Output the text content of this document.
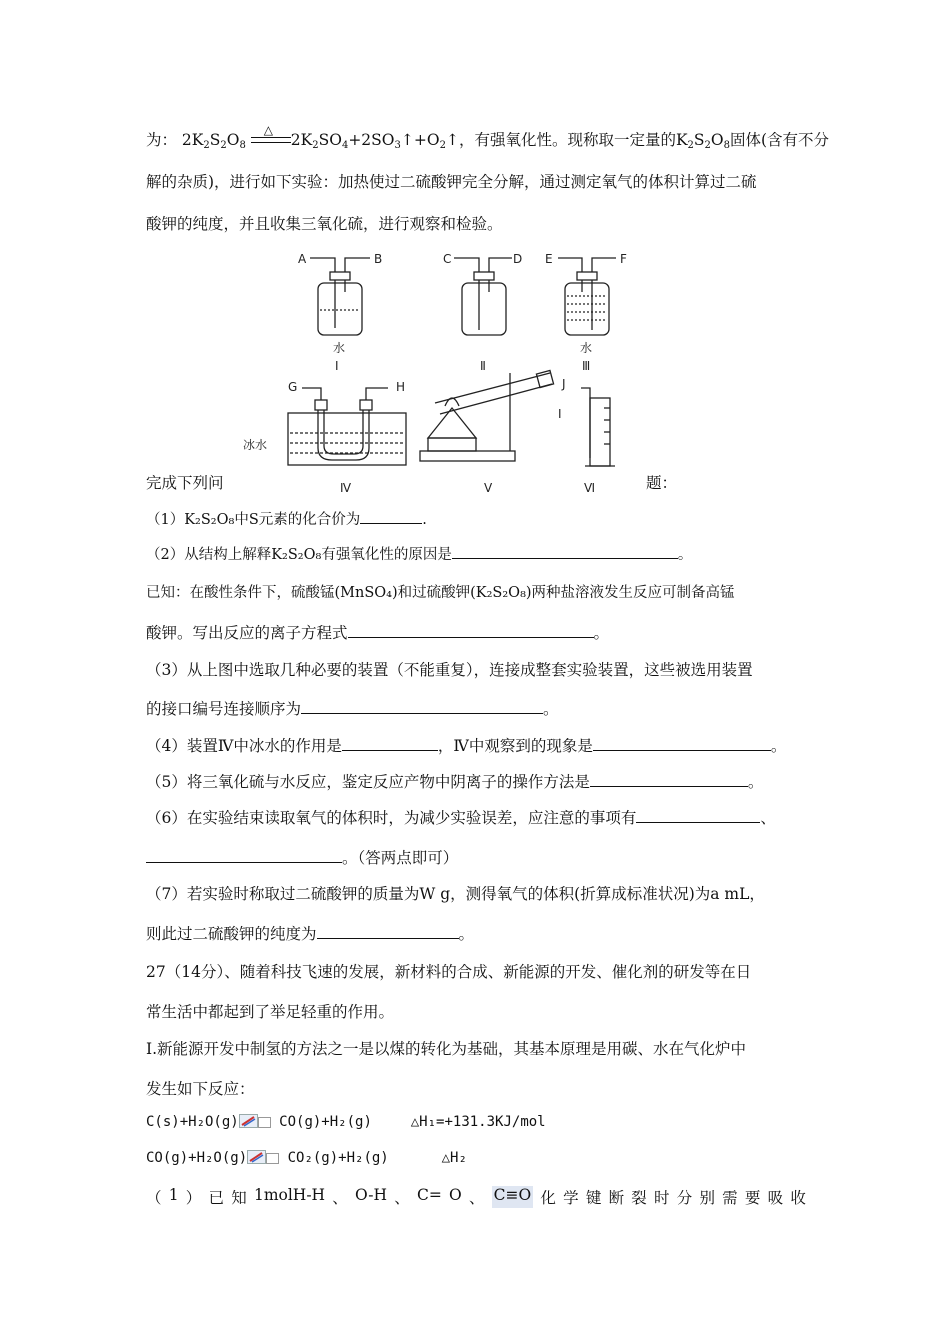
为： $2K_2S_2O_8$
△
$2K_2SO_4+2SO_3↑+O_2↑$，有强氧化性。现称取一定量的$K_2S_2O_8$固体(含有不分
解的杂质)，进行如下实验：加热使过二硫酸钾完全分解，通过测定氧气的体积计算过二硫
酸钾的纯度，并且收集三氧化硫，进行观察和检验。
A	B	C	D E	F
G	H
I
J
水	水
冰水
Ⅰ	Ⅱ	Ⅲ
Ⅳ	Ⅴ	Ⅵ
完成下列问	题：
（1）K₂S₂O₈中S元素的化合价为	.
（2）从结构上解释K₂S₂O₈有强氧化性的原因是	。
已知：在酸性条件下，硫酸锰(MnSO₄)和过硫酸钾(K₂S₂O₈)两种盐溶液发生反应可制备高锰
酸钾。写出反应的离子方程式	。
（3）从上图中选取几种必要的装置（不能重复），连接成整套实验装置，这些被选用装置
的接口编号连接顺序为	。
（4）装置Ⅳ中冰水的作用是	，Ⅳ中观察到的现象是	。
（5）将三氧化硫与水反应，鉴定反应产物中阴离子的操作方法是	。
（6）在实验结束读取氧气的体积时，为减少实验误差，应注意的事项有	、
。（答两点即可）
（7）若实验时称取过二硫酸钾的质量为W g，测得氧气的体积(折算成标准状况)为a mL，
则此过二硫酸钾的纯度为	。
27（14分）、随着科技飞速的发展，新材料的合成、新能源的开发、催化剂的研发等在日
常生活中都起到了举足轻重的作用。
Ⅰ.新能源开发中制氢的方法之一是以煤的转化为基础，其基本原理是用碳、水在气化炉中
发生如下反应：
C(s)+H₂O(g)	CO(g)+H₂(g)	△H₁=+131.3KJ/mol
CO(g)+H₂O(g)	CO₂(g)+H₂(g)	△H₂
（ 1 ） 已 知 1molH-H 、 O-H 、 C= O 、 C≡O 化 学 键 断 裂 时 分 别 需 要 吸 收
